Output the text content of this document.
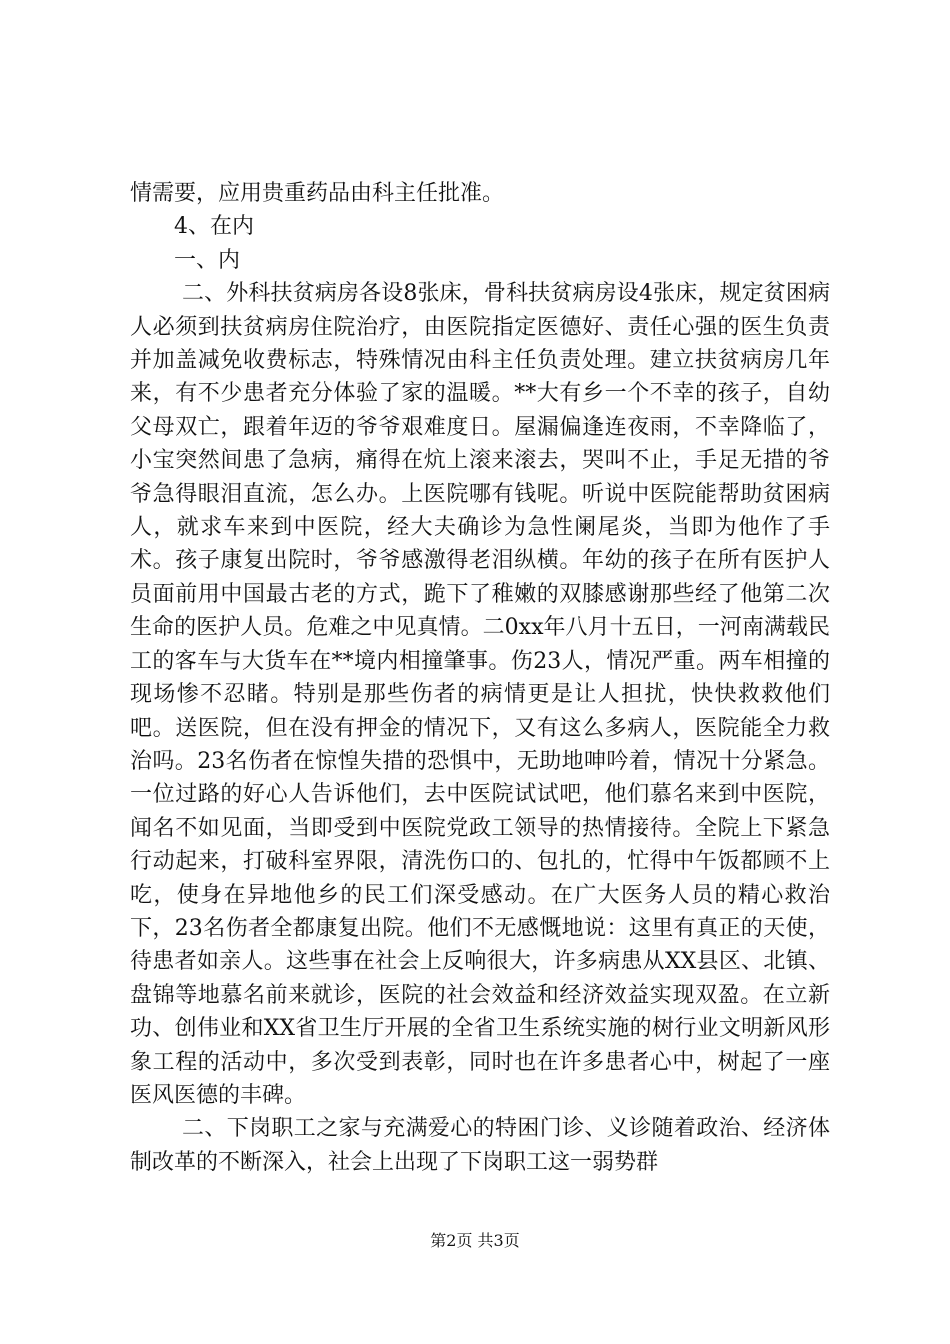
情需要，应用贵重药品由科主任批准。

4、在内

一、内

二、外科扶贫病房各设8张床，骨科扶贫病房设4张床，规定贫困病人必须到扶贫病房住院治疗，由医院指定医德好、责任心强的医生负责并加盖减免收费标志，特殊情况由科主任负责处理。建立扶贫病房几年来，有不少患者充分体验了家的温暖。**大有乡一个不幸的孩子，自幼父母双亡，跟着年迈的爷爷艰难度日。屋漏偏逢连夜雨，不幸降临了，小宝突然间患了急病，痛得在炕上滚来滚去，哭叫不止，手足无措的爷爷急得眼泪直流，怎么办。上医院哪有钱呢。听说中医院能帮助贫困病人，就求车来到中医院，经大夫确诊为急性阑尾炎，当即为他作了手术。孩子康复出院时，爷爷感激得老泪纵横。年幼的孩子在所有医护人员面前用中国最古老的方式，跪下了稚嫩的双膝感谢那些经了他第二次生命的医护人员。危难之中见真情。二0xx年八月十五日，一河南满载民工的客车与大货车在**境内相撞肇事。伤23人，情况严重。两车相撞的现场惨不忍睹。特别是那些伤者的病情更是让人担扰，快快救救他们吧。送医院，但在没有押金的情况下，又有这么多病人，医院能全力救治吗。23名伤者在惊惶失措的恐惧中，无助地呻吟着，情况十分紧急。一位过路的好心人告诉他们，去中医院试试吧，他们慕名来到中医院，闻名不如见面，当即受到中医院党政工领导的热情接待。全院上下紧急行动起来，打破科室界限，清洗伤口的、包扎的，忙得中午饭都顾不上吃，使身在异地他乡的民工们深受感动。在广大医务人员的精心救治下，23名伤者全都康复出院。他们不无感慨地说：这里有真正的天使，待患者如亲人。这些事在社会上反响很大，许多病患从XX县区、北镇、盘锦等地慕名前来就诊，医院的社会效益和经济效益实现双盈。在立新功、创伟业和XX省卫生厅开展的全省卫生系统实施的树行业文明新风形象工程的活动中，多次受到表彰，同时也在许多患者心中，树起了一座医风医德的丰碑。

二、下岗职工之家与充满爱心的特困门诊、义诊随着政治、经济体制改革的不断深入，社会上出现了下岗职工这一弱势群

第2页 共3页
